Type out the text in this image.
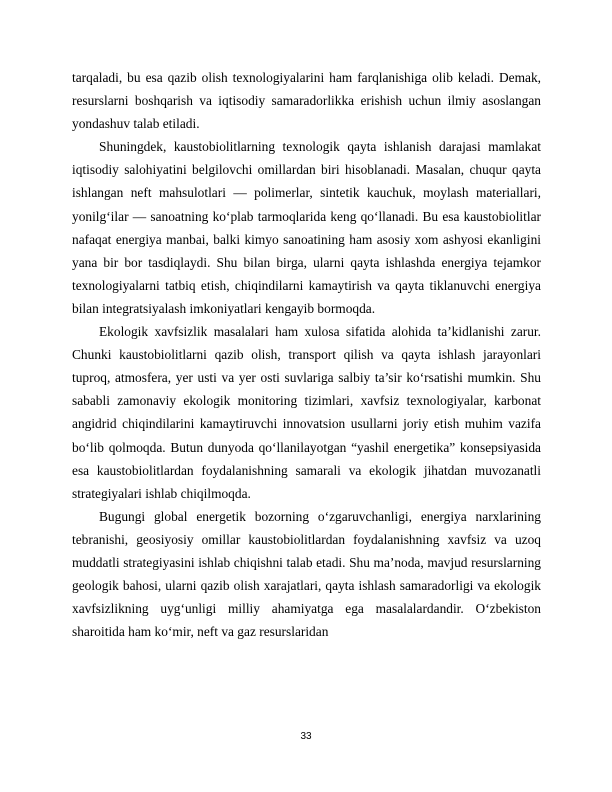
tarqaladi, bu esa qazib olish texnologiyalarini ham farqlanishiga olib keladi. Demak, resurslarni boshqarish va iqtisodiy samaradorlikka erishish uchun ilmiy asoslangan yondashuv talab etiladi.

Shuningdek, kaustobiolitlarning texnologik qayta ishlanish darajasi mamlakat iqtisodiy salohiyatini belgilovchi omillardan biri hisoblanadi. Masalan, chuqur qayta ishlangan neft mahsulotlari — polimerlar, sintetik kauchuk, moylash materiallari, yonilg‘ilar — sanoatning ko‘plab tarmoqlarida keng qo‘llanadi. Bu esa kaustobiolitlar nafaqat energiya manbai, balki kimyo sanoatining ham asosiy xom ashyosi ekanligini yana bir bor tasdiqlaydi. Shu bilan birga, ularni qayta ishlashda energiya tejamkor texnologiyalarni tatbiq etish, chiqindilarni kamaytirish va qayta tiklanuvchi energiya bilan integratsiyalash imkoniyatlari kengayib bormoqda.

Ekologik xavfsizlik masalalari ham xulosa sifatida alohida ta’kidlanishi zarur. Chunki kaustobiolitlarni qazib olish, transport qilish va qayta ishlash jarayonlari tuproq, atmosfera, yer usti va yer osti suvlariga salbiy ta’sir ko‘rsatishi mumkin. Shu sababli zamonaviy ekologik monitoring tizimlari, xavfsiz texnologiyalar, karbonat angidrid chiqindilarini kamaytiruvchi innovatsion usullarni joriy etish muhim vazifa bo‘lib qolmoqda. Butun dunyoda qo‘llanilayotgan “yashil energetika” konsepsiyasida esa kaustobiolitlardan foydalanishning samarali va ekologik jihatdan muvozanatli strategiyalari ishlab chiqilmoqda.

Bugungi global energetik bozorning o‘zgaruvchanligi, energiya narxlarining tebranishi, geosiyosiy omillar kaustobiolitlardan foydalanishning xavfsiz va uzoq muddatli strategiyasini ishlab chiqishni talab etadi. Shu ma’noda, mavjud resurslarning geologik bahosi, ularni qazib olish xarajatlari, qayta ishlash samaradorligi va ekologik xavfsizlikning uyg‘unligi milliy ahamiyatga ega masalalardandir. O‘zbekiston sharoitida ham ko‘mir, neft va gaz resurslaridan

33
